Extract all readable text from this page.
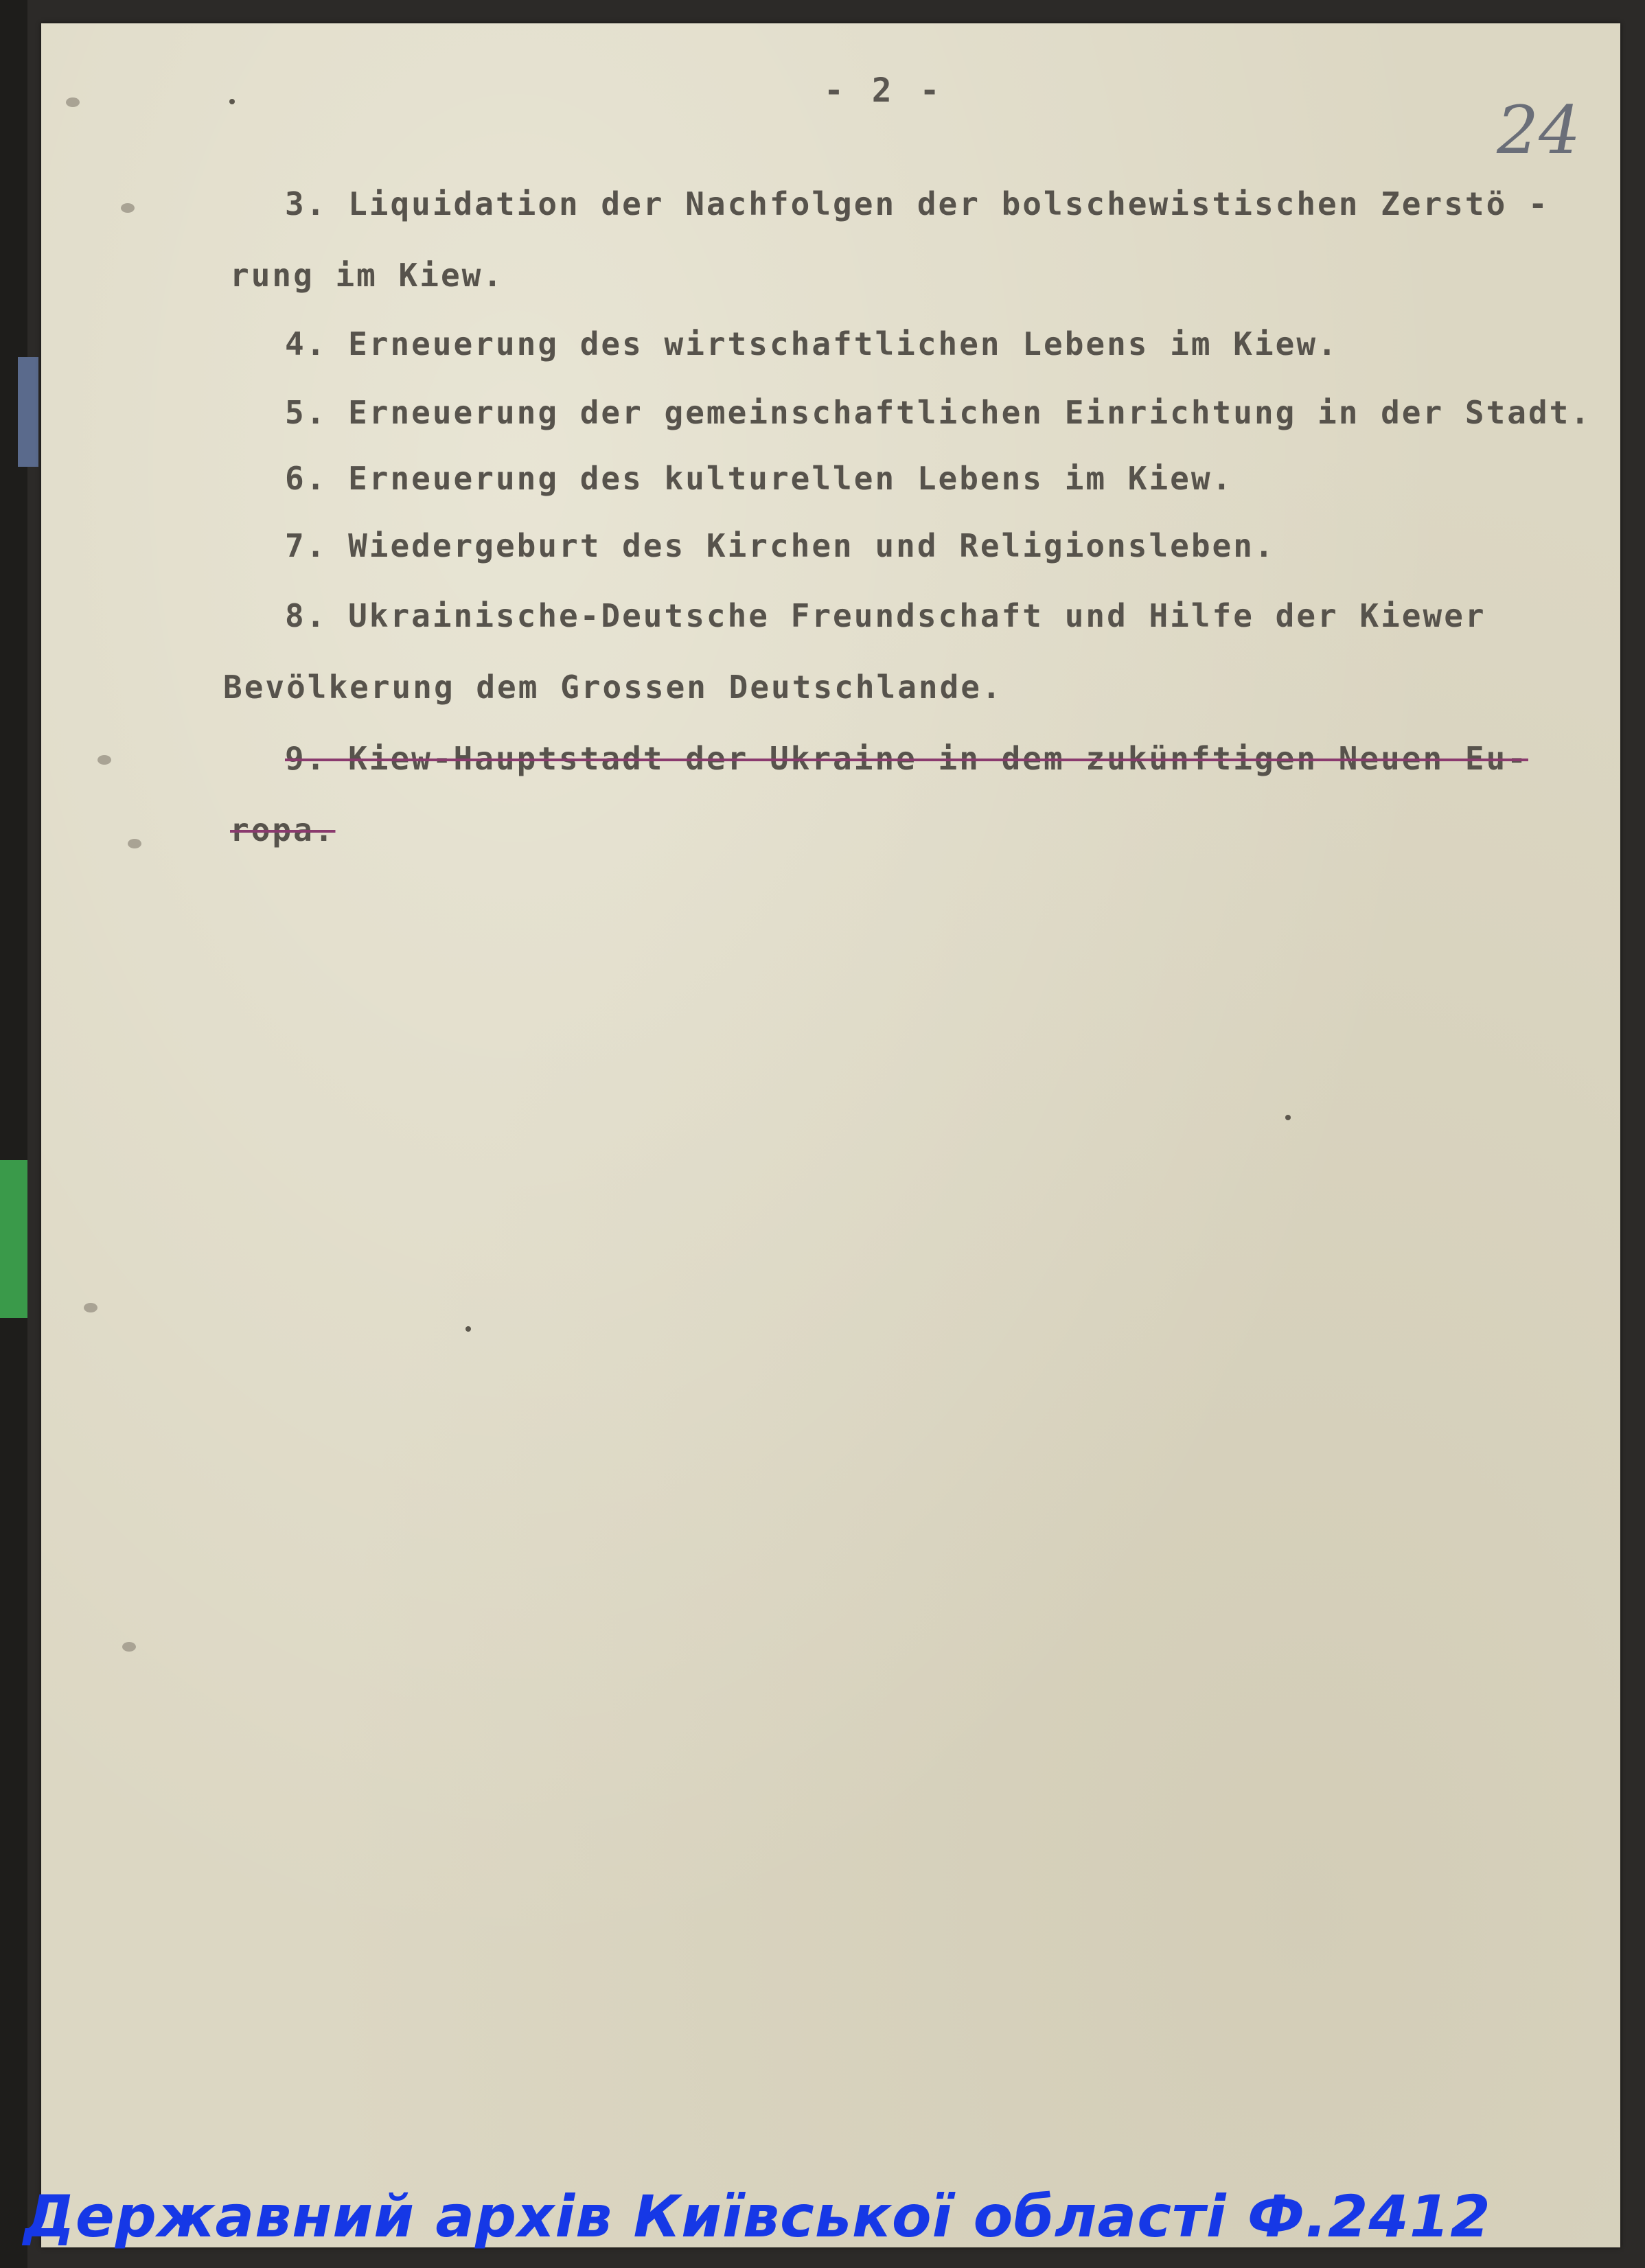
- 2 -
24
3. Liquidation der Nachfolgen der bolschewistischen Zerstö -
rung im Kiew.
4. Erneuerung des wirtschaftlichen Lebens im Kiew.
5. Erneuerung der gemeinschaftlichen Einrichtung in der Stadt.
6. Erneuerung des kulturellen Lebens im Kiew.
7. Wiedergeburt des Kirchen und Religionsleben.
8. Ukrainische-Deutsche Freundschaft und Hilfe der Kiewer
Bevölkerung dem Grossen Deutschlande.
9. Kiew-Hauptstadt der Ukraine in dem zukünftigen Neuen Eu-
ropa.
Державний архів Київської області Ф.2412
